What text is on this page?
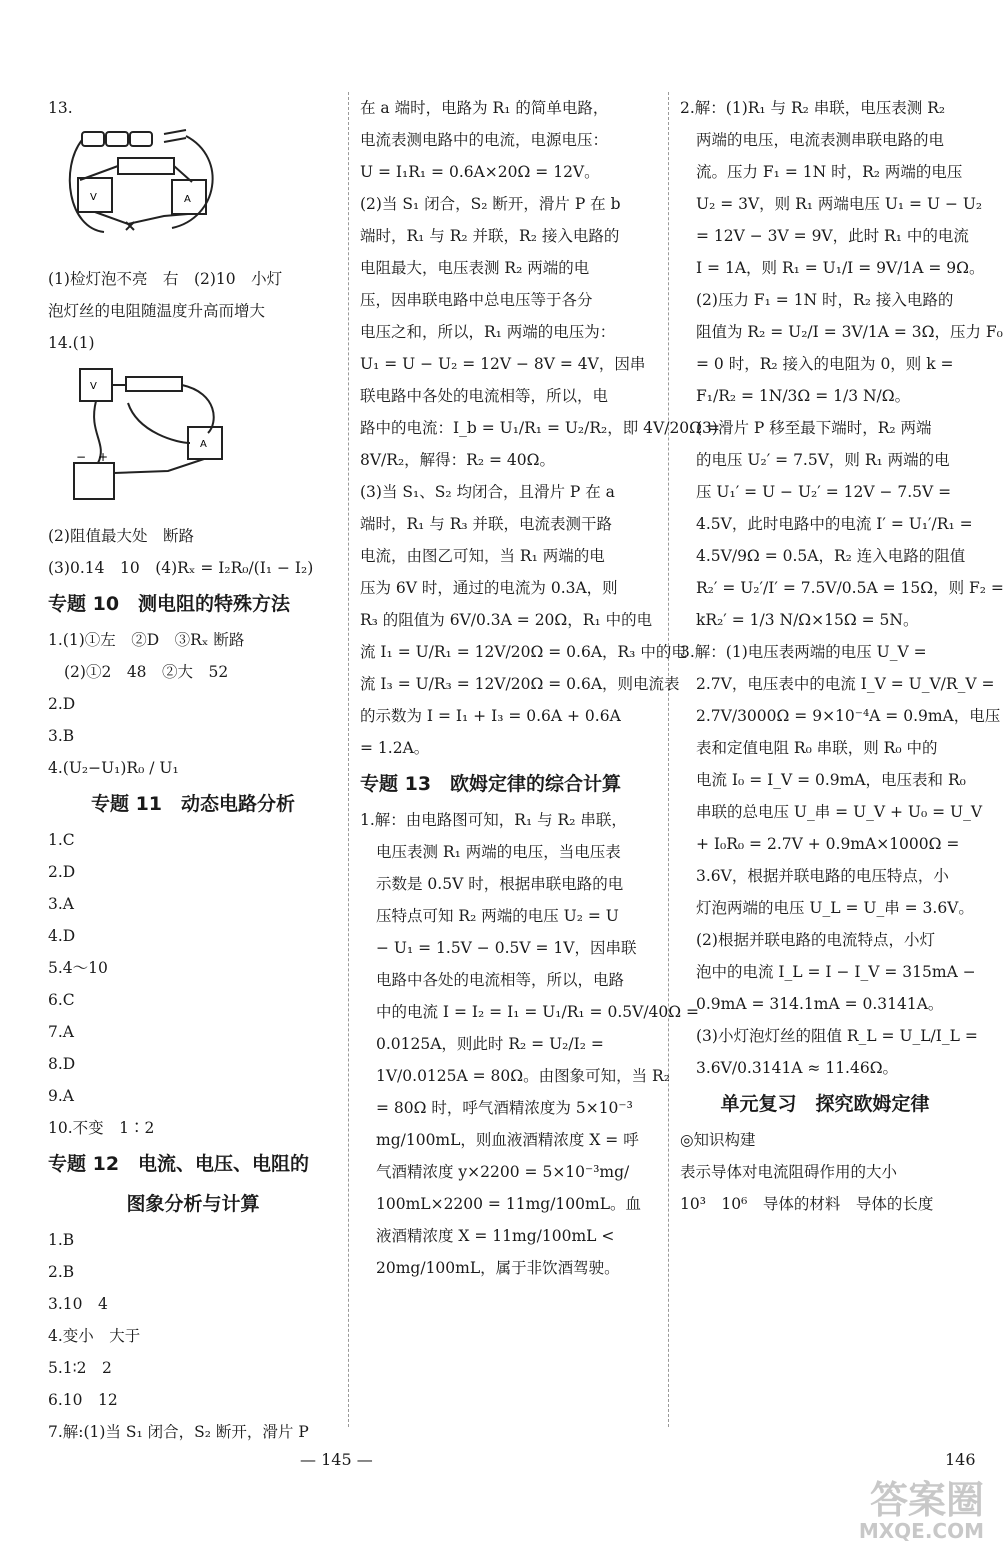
13.
V	A
(1)检灯泡不亮　右　(2)10　小灯
泡灯丝的电阻随温度升高而增大
14.(1)
V
A
−　+
(2)阻值最大处　断路
(3)0.14　10　(4)Rₓ = I₂R₀/(I₁ − I₂)
专题 10　测电阻的特殊方法
1.(1)①左　②D　③Rₓ 断路
(2)①2　48　②大　52
2.D
3.B
4.(U₂−U₁)R₀ / U₁
专题 11　动态电路分析
1.C
2.D
3.A
4.D
5.4～10
6.C
7.A
8.D
9.A
10.不变　1∶2
专题 12　电流、电压、电阻的
图象分析与计算
1.B
2.B
3.10　4
4.变小　大于
5.1∶2　2
6.10　12
7.解:(1)当 S₁ 闭合，S₂ 断开，滑片 P
在 a 端时，电路为 R₁ 的简单电路，
电流表测电路中的电流，电源电压：
U = I₁R₁ = 0.6A×20Ω = 12V。
(2)当 S₁ 闭合，S₂ 断开，滑片 P 在 b
端时，R₁ 与 R₂ 并联，R₂ 接入电路的
电阻最大，电压表测 R₂ 两端的电
压，因串联电路中总电压等于各分
电压之和，所以，R₁ 两端的电压为：
U₁ = U − U₂ = 12V − 8V = 4V，因串
联电路中各处的电流相等，所以，电
路中的电流：I_b = U₁/R₁ = U₂/R₂，即 4V/20Ω =
8V/R₂，解得：R₂ = 40Ω。
(3)当 S₁、S₂ 均闭合，且滑片 P 在 a
端时，R₁ 与 R₃ 并联，电流表测干路
电流，由图乙可知，当 R₁ 两端的电
压为 6V 时，通过的电流为 0.3A，则
R₃ 的阻值为 6V/0.3A = 20Ω，R₁ 中的电
流 I₁ = U/R₁ = 12V/20Ω = 0.6A，R₃ 中的电
流 I₃ = U/R₃ = 12V/20Ω = 0.6A，则电流表
的示数为 I = I₁ + I₃ = 0.6A + 0.6A
= 1.2A。
专题 13　欧姆定律的综合计算
1.解：由电路图可知，R₁ 与 R₂ 串联，
电压表测 R₁ 两端的电压，当电压表
示数是 0.5V 时，根据串联电路的电
压特点可知 R₂ 两端的电压 U₂ = U
− U₁ = 1.5V − 0.5V = 1V，因串联
电路中各处的电流相等，所以，电路
中的电流 I = I₂ = I₁ = U₁/R₁ = 0.5V/40Ω =
0.0125A，则此时 R₂ = U₂/I₂ =
1V/0.0125A = 80Ω。由图象可知，当 R₂
= 80Ω 时，呼气酒精浓度为 5×10⁻³
mg/100mL，则血液酒精浓度 X = 呼
气酒精浓度 y×2200 = 5×10⁻³mg/
100mL×2200 = 11mg/100mL。血
液酒精浓度 X = 11mg/100mL <
20mg/100mL，属于非饮酒驾驶。
2.解：(1)R₁ 与 R₂ 串联，电压表测 R₂
两端的电压，电流表测串联电路的电
流。压力 F₁ = 1N 时，R₂ 两端的电压
U₂ = 3V，则 R₁ 两端电压 U₁ = U − U₂
= 12V − 3V = 9V，此时 R₁ 中的电流
I = 1A，则 R₁ = U₁/I = 9V/1A = 9Ω。
(2)压力 F₁ = 1N 时，R₂ 接入电路的
阻值为 R₂ = U₂/I = 3V/1A = 3Ω，压力 F₀
= 0 时，R₂ 接入的电阻为 0，则 k =
F₁/R₂ = 1N/3Ω = 1/3 N/Ω。
(3)滑片 P 移至最下端时，R₂ 两端
的电压 U₂′ = 7.5V，则 R₁ 两端的电
压 U₁′ = U − U₂′ = 12V − 7.5V =
4.5V，此时电路中的电流 I′ = U₁′/R₁ =
4.5V/9Ω = 0.5A，R₂ 连入电路的阻值
R₂′ = U₂′/I′ = 7.5V/0.5A = 15Ω，则 F₂ =
kR₂′ = 1/3 N/Ω×15Ω = 5N。
3.解：(1)电压表两端的电压 U_V =
2.7V，电压表中的电流 I_V = U_V/R_V =
2.7V/3000Ω = 9×10⁻⁴A = 0.9mA，电压
表和定值电阻 R₀ 串联，则 R₀ 中的
电流 I₀ = I_V = 0.9mA，电压表和 R₀
串联的总电压 U_串 = U_V + U₀ = U_V
+ I₀R₀ = 2.7V + 0.9mA×1000Ω =
3.6V，根据并联电路的电压特点，小
灯泡两端的电压 U_L = U_串 = 3.6V。
(2)根据并联电路的电流特点，小灯
泡中的电流 I_L = I − I_V = 315mA −
0.9mA = 314.1mA = 0.3141A。
(3)小灯泡灯丝的阻值 R_L = U_L/I_L =
3.6V/0.3141A ≈ 11.46Ω。
单元复习　探究欧姆定律
◎知识构建
表示导体对电流阻碍作用的大小
10³　10⁶　导体的材料　导体的长度
— 145 —	146
答案圈
MXQE.COM
